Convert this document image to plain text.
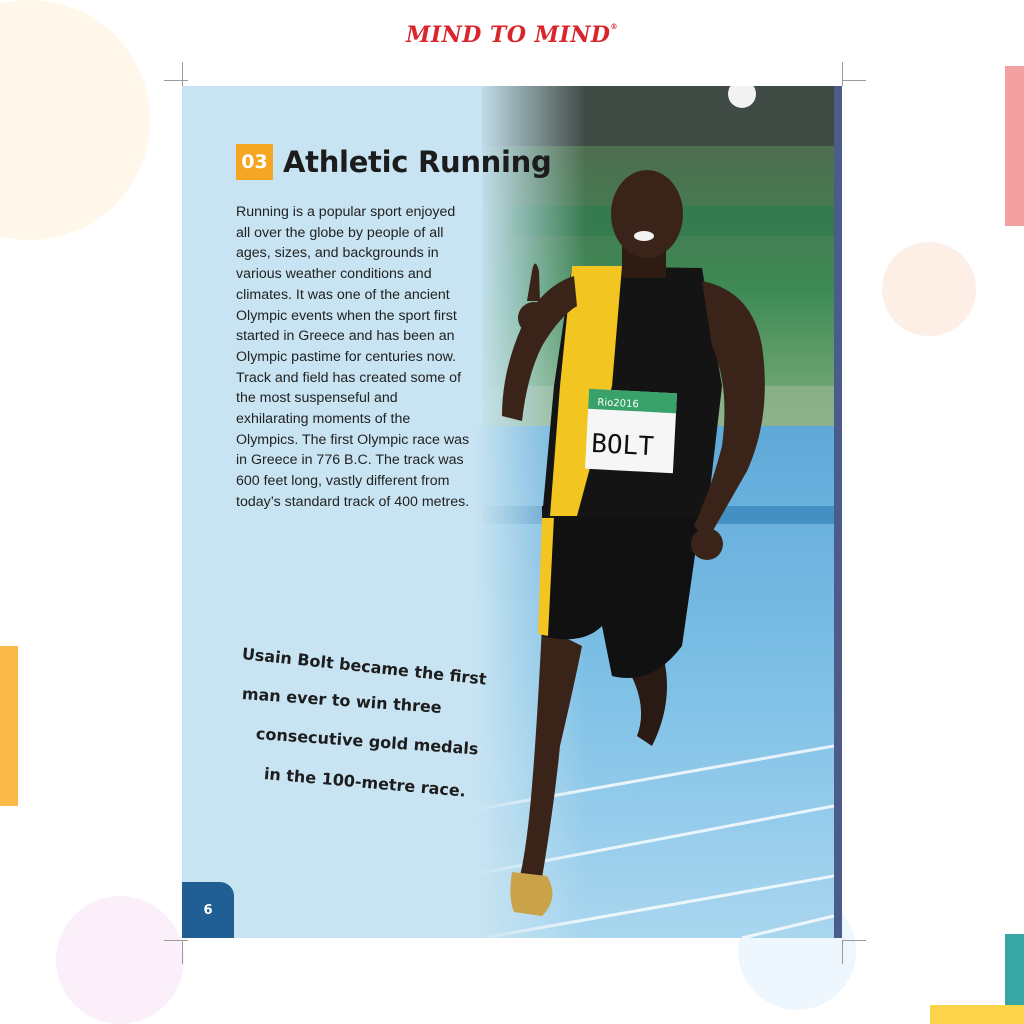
MIND TO MIND®
Rio2016
BOLT
03 Athletic Running
Running is a popular sport enjoyed all over the globe by people of all ages, sizes, and backgrounds in various weather conditions and climates. It was one of the ancient Olympic events when the sport first started in Greece and has been an Olympic pastime for centuries now. Track and field has created some of the most suspenseful and exhilarating moments of the Olympics. The first Olympic race was in Greece in 776 B.C. The track was 600 feet long, vastly different from today’s standard track of 400 metres.
Usain Bolt became the first
man ever to win three
consecutive gold medals
in the 100-metre race.
6
